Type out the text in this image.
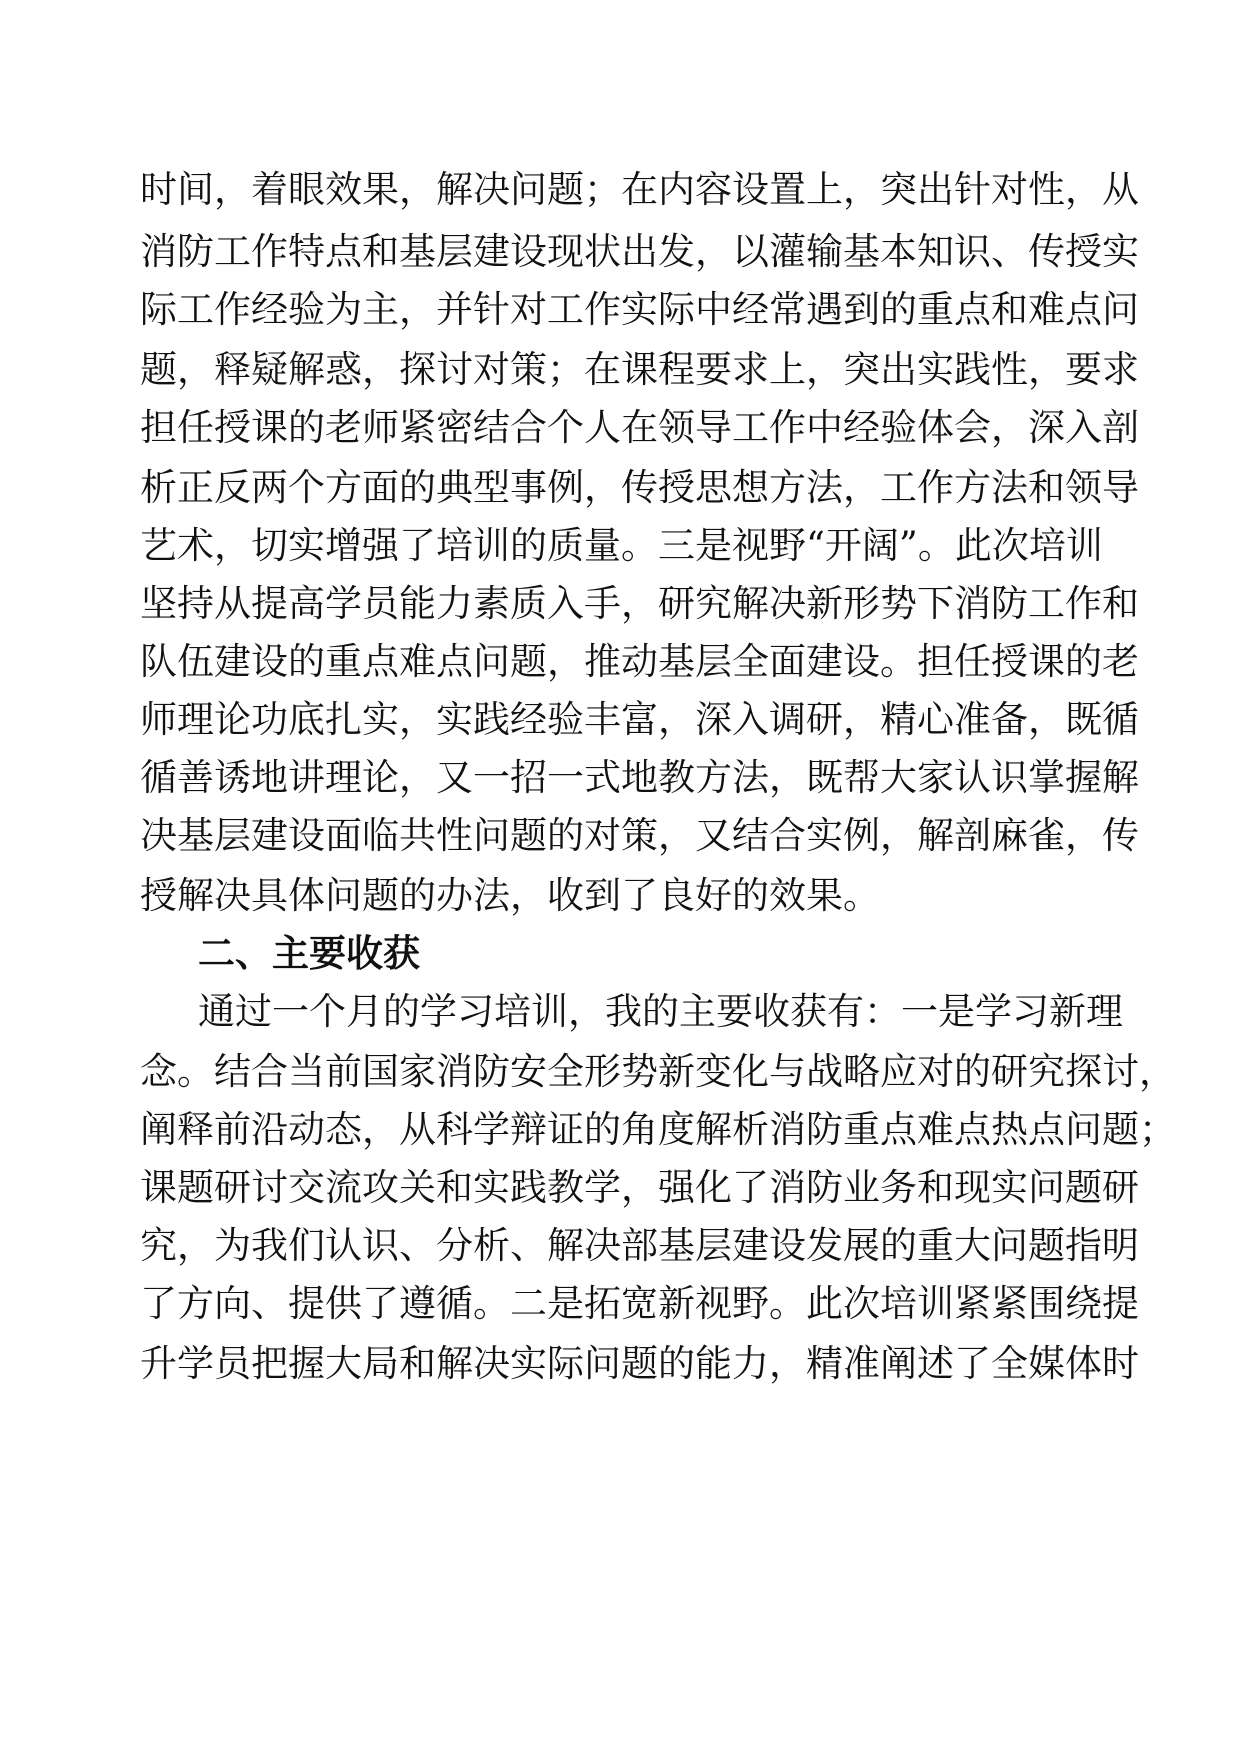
时间，着眼效果，解决问题；在内容设置上，突出针对性，从
消防工作特点和基层建设现状出发，以灌输基本知识、传授实
际工作经验为主，并针对工作实际中经常遇到的重点和难点问
题，释疑解惑，探讨对策；在课程要求上，突出实践性，要求
担任授课的老师紧密结合个人在领导工作中经验体会，深入剖
析正反两个方面的典型事例，传授思想方法，工作方法和领导
艺术，切实增强了培训的质量。三是视野“开阔”。此次培训
坚持从提高学员能力素质入手，研究解决新形势下消防工作和
队伍建设的重点难点问题，推动基层全面建设。担任授课的老
师理论功底扎实，实践经验丰富，深入调研，精心准备，既循
循善诱地讲理论，又一招一式地教方法，既帮大家认识掌握解
决基层建设面临共性问题的对策，又结合实例，解剖麻雀，传
授解决具体问题的办法，收到了良好的效果。
二、主要收获
通过一个月的学习培训，我的主要收获有：一是学习新理
念。结合当前国家消防安全形势新变化与战略应对的研究探讨，
阐释前沿动态，从科学辩证的角度解析消防重点难点热点问题；
课题研讨交流攻关和实践教学，强化了消防业务和现实问题研
究，为我们认识、分析、解决部基层建设发展的重大问题指明
了方向、提供了遵循。二是拓宽新视野。此次培训紧紧围绕提
升学员把握大局和解决实际问题的能力，精准阐述了全媒体时
